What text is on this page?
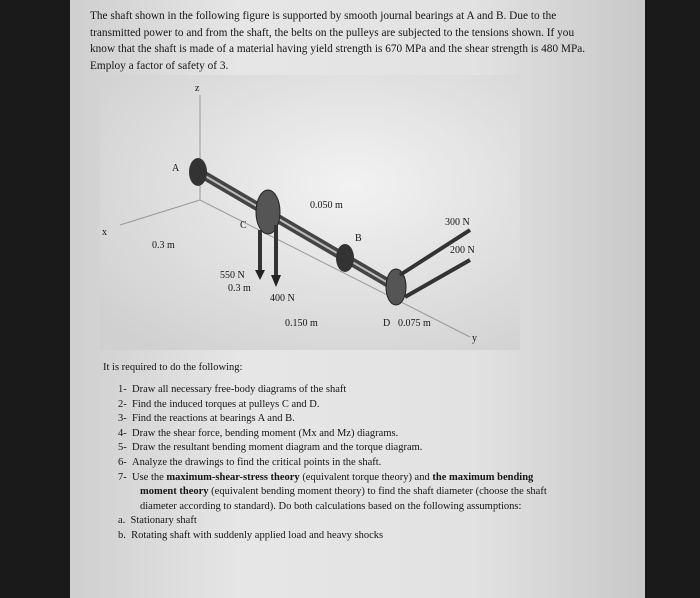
The shaft shown in the following figure is supported by smooth journal bearings at A and B. Due to the transmitted power to and from the shaft, the belts on the pulleys are subjected to the tensions shown. If you know that the shaft is made of a material having yield strength is 670 MPa and the shear strength is 480 MPa. Employ a factor of safety of 3.
z
A
0.050 m
C	300 N
x
0.3 m
B
200 N
550 N
0.3 m
400 N
0.150 m	D 0.075 m
y
It is required to do the following:
1- Draw all necessary free-body diagrams of the shaft
2- Find the induced torques at pulleys C and D.
3- Find the reactions at bearings A and B.
4- Draw the shear force, bending moment (Mx and Mz) diagrams.
5- Draw the resultant bending moment diagram and the torque diagram.
6- Analyze the drawings to find the critical points in the shaft.
7- Use the maximum-shear-stress theory (equivalent torque theory) and the maximum bending moment theory (equivalent bending moment theory) to find the shaft diameter (choose the shaft diameter according to standard). Do both calculations based on the following assumptions:
a. Stationary shaft
b. Rotating shaft with suddenly applied load and heavy shocks
